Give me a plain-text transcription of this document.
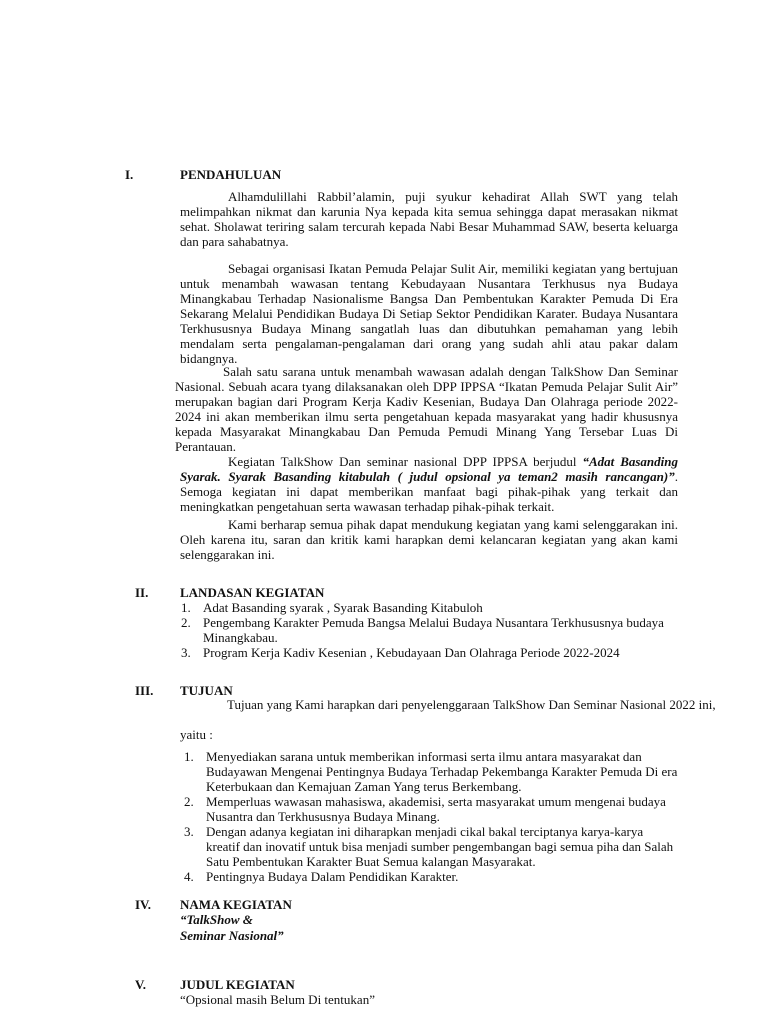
I.	PENDAHULUAN
Alhamdulillahi Rabbil’alamin, puji syukur kehadirat Allah SWT yang telah melimpahkan nikmat dan karunia Nya kepada kita semua sehingga dapat merasakan nikmat sehat. Sholawat teriring salam tercurah kepada Nabi Besar Muhammad SAW, beserta keluarga dan para sahabatnya.
Sebagai organisasi Ikatan Pemuda Pelajar Sulit Air, memiliki kegiatan yang bertujuan untuk menambah wawasan tentang Kebudayaan Nusantara Terkhusus nya Budaya Minangkabau Terhadap Nasionalisme Bangsa Dan Pembentukan Karakter Pemuda Di Era Sekarang Melalui Pendidikan Budaya Di Setiap Sektor Pendidikan Karater. Budaya Nusantara Terkhususnya Budaya Minang sangatlah luas dan dibutuhkan pemahaman yang lebih mendalam serta pengalaman-pengalaman dari orang yang sudah ahli atau pakar dalam bidangnya.
Salah satu sarana untuk menambah wawasan adalah dengan TalkShow Dan Seminar Nasional. Sebuah acara tyang dilaksanakan oleh DPP IPPSA “Ikatan Pemuda Pelajar Sulit Air” merupakan bagian dari Program Kerja Kadiv Kesenian, Budaya Dan Olahraga periode 2022-2024 ini akan memberikan ilmu serta pengetahuan kepada masyarakat yang hadir khususnya kepada Masyarakat Minangkabau Dan Pemuda Pemudi Minang Yang Tersebar Luas Di Perantauan.
Kegiatan TalkShow Dan seminar nasional DPP IPPSA berjudul “Adat Basanding Syarak. Syarak Basanding kitabulah ( judul opsional ya teman2 masih rancangan)”. Semoga kegiatan ini dapat memberikan manfaat bagi pihak-pihak yang terkait dan meningkatkan pengetahuan serta wawasan terhadap pihak-pihak terkait.
Kami berharap semua pihak dapat mendukung kegiatan yang kami selenggarakan ini. Oleh karena itu, saran dan kritik kami harapkan demi kelancaran kegiatan yang akan kami selenggarakan ini.
II. LANDASAN KEGIATAN
1. Adat Basanding syarak , Syarak Basanding Kitabuloh
2. Pengembang Karakter Pemuda Bangsa Melalui Budaya Nusantara Terkhususnya budaya Minangkabau.
3. Program Kerja Kadiv Kesenian , Kebudayaan Dan Olahraga Periode 2022-2024
III. TUJUAN
Tujuan yang Kami harapkan dari penyelenggaraan TalkShow Dan Seminar Nasional 2022 ini,
yaitu :
1. Menyediakan sarana untuk memberikan informasi serta ilmu antara masyarakat dan Budayawan Mengenai Pentingnya Budaya Terhadap Pekembanga Karakter Pemuda Di era Keterbukaan dan Kemajuan Zaman Yang terus Berkembang.
2. Memperluas wawasan mahasiswa, akademisi, serta masyarakat umum mengenai budaya Nusantra dan Terkhususnya Budaya Minang.
3. Dengan adanya kegiatan ini diharapkan menjadi cikal bakal terciptanya karya-karya kreatif dan inovatif untuk bisa menjadi sumber pengembangan bagi semua piha dan Salah Satu Pembentukan Karakter Buat Semua kalangan Masyarakat.
4. Pentingnya Budaya Dalam Pendidikan Karakter.
IV. NAMA KEGIATAN
“TalkShow &
Seminar Nasional”
V.	JUDUL KEGIATAN
“Opsional masih Belum Di tentukan”
